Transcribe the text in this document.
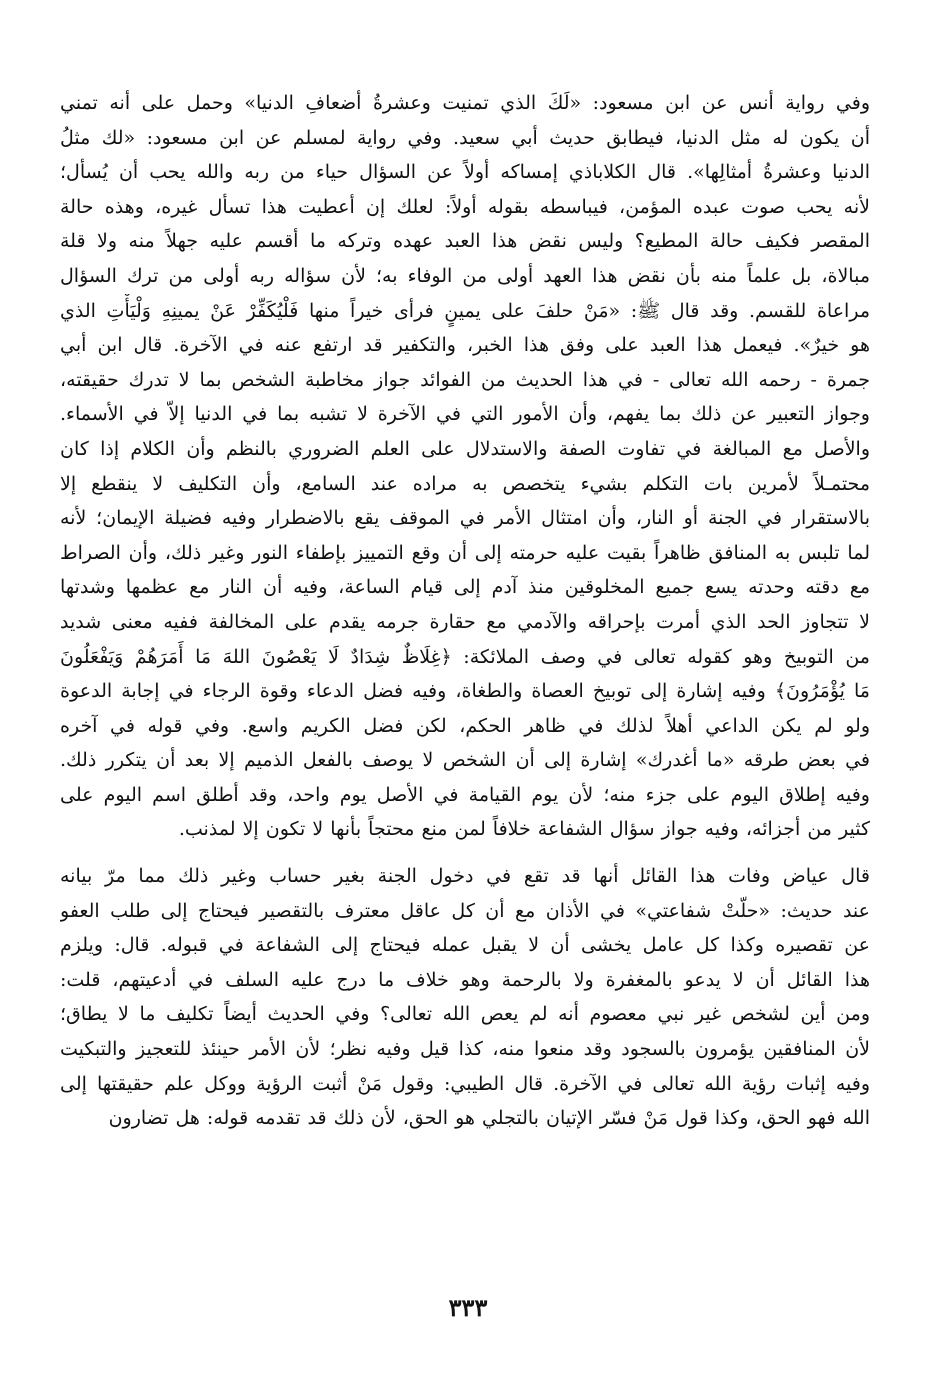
وفي رواية أنس عن ابن مسعود: «لَكَ الذي تمنيت وعشرةُ أضعافِ الدنيا» وحمل على أنه تمني
أن يكون له مثل الدنيا، فيطابق حديث أبي سعيد. وفي رواية لمسلم عن ابن مسعود: «لك مثلُ
الدنيا وعشرةُ أمثالِها». قال الكلاباذي إمساكه أولاً عن السؤال حياء من ربه والله يحب أن يُسأل؛
لأنه يحب صوت عبده المؤمن، فيباسطه بقوله أولاً: لعلك إن أعطيت هذا تسأل غيره، وهذه حالة
المقصر فكيف حالة المطيع؟ وليس نقض هذا العبد عهده وتركه ما أقسم عليه جهلاً منه ولا قلة
مبالاة، بل علماً منه بأن نقض هذا العهد أولى من الوفاء به؛ لأن سؤاله ربه أولى من ترك السؤال
مراعاة للقسم. وقد قال ﷺ: «مَنْ حلفَ على يمينٍ فرأى خيراً منها فَلْيُكَفِّرْ عَنْ يمينِهِ وَلْيَأْتِ الذي
هو خيرٌ». فيعمل هذا العبد على وفق هذا الخبر، والتكفير قد ارتفع عنه في الآخرة. قال ابن أبي
جمرة - رحمه الله تعالى - في هذا الحديث من الفوائد جواز مخاطبة الشخص بما لا تدرك حقيقته،
وجواز التعبير عن ذلك بما يفهم، وأن الأمور التي في الآخرة لا تشبه بما في الدنيا إلاّ في الأسماء.
والأصل مع المبالغة في تفاوت الصفة والاستدلال على العلم الضروري بالنظم وأن الكلام إذا كان
محتمـلاً لأمرين بات التكلم بشيء يتخصص به مراده عند السامع، وأن التكليف لا ينقطع إلا
بالاستقرار في الجنة أو النار، وأن امتثال الأمر في الموقف يقع بالاضطرار وفيه فضيلة الإيمان؛ لأنه
لما تلبس به المنافق ظاهراً بقيت عليه حرمته إلى أن وقع التمييز بإطفاء النور وغير ذلك، وأن الصراط
مع دقته وحدته يسع جميع المخلوقين منذ آدم إلى قيام الساعة، وفيه أن النار مع عظمها وشدتها
لا تتجاوز الحد الذي أمرت بإحراقه والآدمي مع حقارة جرمه يقدم على المخالفة ففيه معنى شديد
من التوبيخ وهو كقوله تعالى في وصف الملائكة: ﴿غِلَاظٌ شِدَادٌ لَا يَعْصُونَ اللهَ مَا أَمَرَهُمْ وَيَفْعَلُونَ
مَا يُؤْمَرُونَ﴾ وفيه إشارة إلى توبيخ العصاة والطغاة، وفيه فضل الدعاء وقوة الرجاء في إجابة الدعوة
ولو لم يكن الداعي أهلاً لذلك في ظاهر الحكم، لكن فضل الكريم واسع. وفي قوله في آخره
في بعض طرقه «ما أغدرك» إشارة إلى أن الشخص لا يوصف بالفعل الذميم إلا بعد أن يتكرر ذلك.
وفيه إطلاق اليوم على جزء منه؛ لأن يوم القيامة في الأصل يوم واحد، وقد أطلق اسم اليوم على
كثير من أجزائه، وفيه جواز سؤال الشفاعة خلافاً لمن منع محتجاً بأنها لا تكون إلا لمذنب.

قال عياض وفات هذا القائل أنها قد تقع في دخول الجنة بغير حساب وغير ذلك مما مرّ بيانه
عند حديث: «حلّتْ شفاعتي» في الأذان مع أن كل عاقل معترف بالتقصير فيحتاج إلى طلب العفو
عن تقصيره وكذا كل عامل يخشى أن لا يقبل عمله فيحتاج إلى الشفاعة في قبوله. قال: ويلزم
هذا القائل أن لا يدعو بالمغفرة ولا بالرحمة وهو خلاف ما درج عليه السلف في أدعيتهم، قلت:
ومن أين لشخص غير نبي معصوم أنه لم يعص الله تعالى؟ وفي الحديث أيضاً تكليف ما لا يطاق؛
لأن المنافقين يؤمرون بالسجود وقد منعوا منه، كذا قيل وفيه نظر؛ لأن الأمر حينئذ للتعجيز والتبكيت
وفيه إثبات رؤية الله تعالى في الآخرة. قال الطيبي: وقول مَنْ أثبت الرؤية ووكل علم حقيقتها إلى
الله فهو الحق، وكذا قول مَنْ فسّر الإتيان بالتجلي هو الحق، لأن ذلك قد تقدمه قوله: هل تضارون

٣٣٣
